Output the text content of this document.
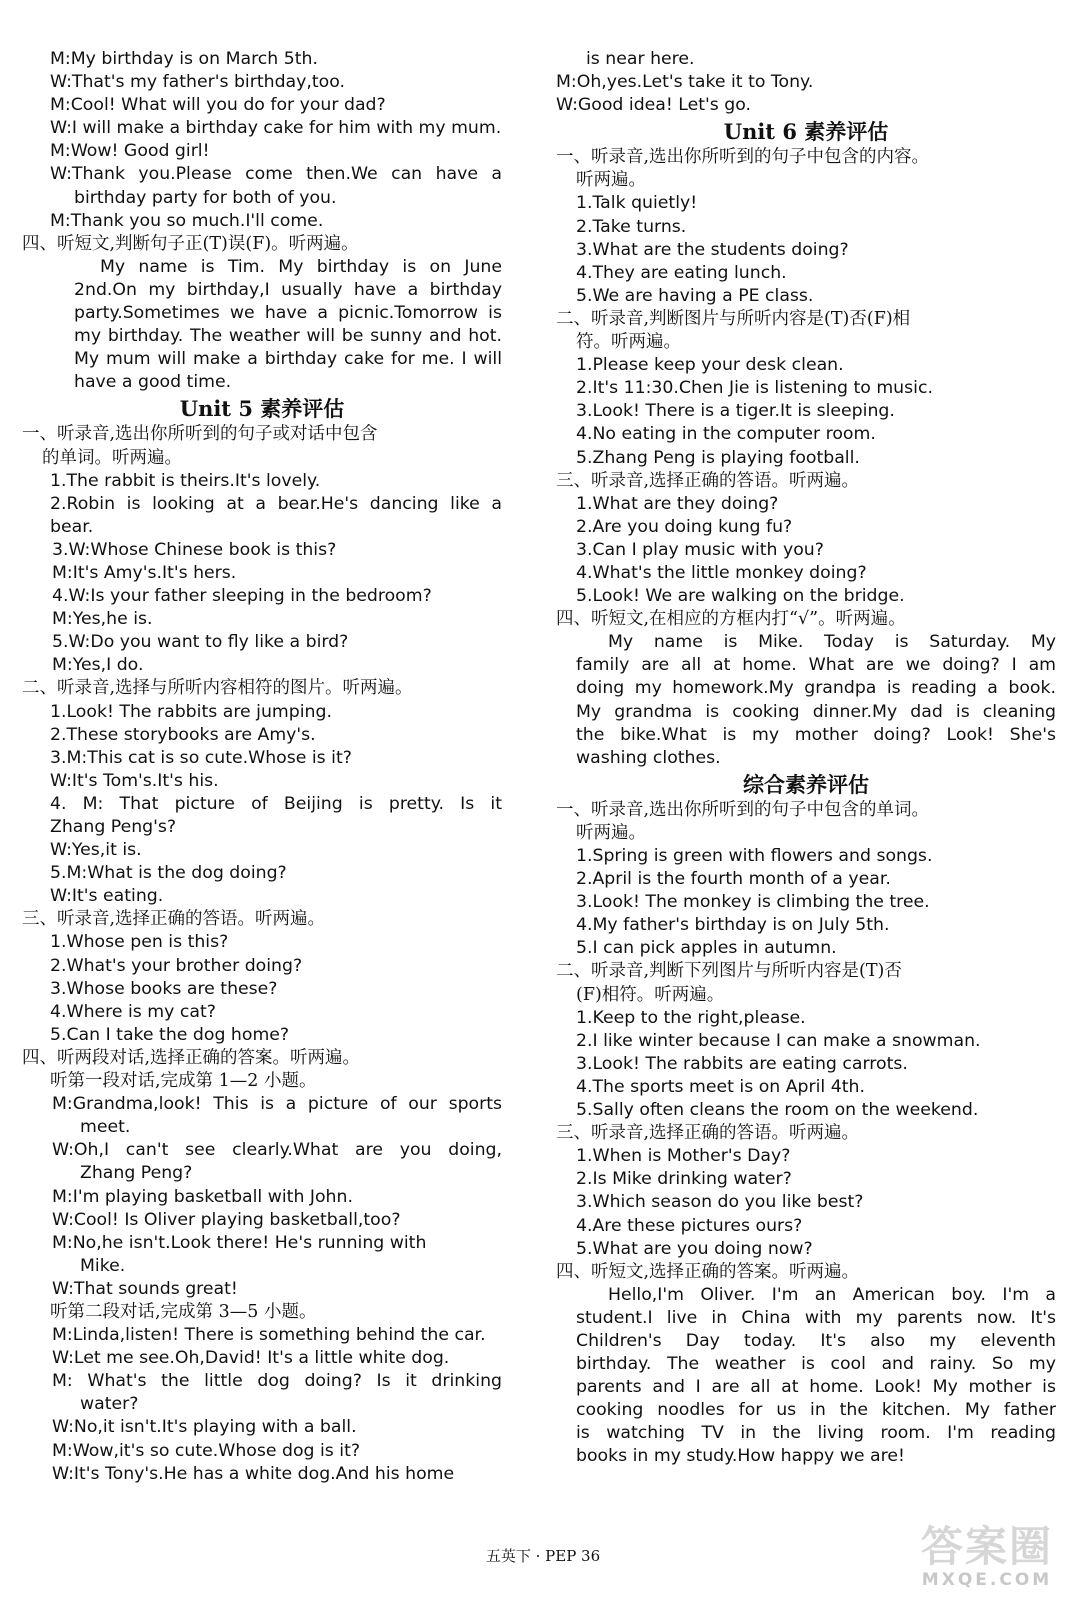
M:My birthday is on March 5th.
W:That's my father's birthday,too.
M:Cool! What will you do for your dad?
W:I will make a birthday cake for him with my mum.
M:Wow! Good girl!
W:Thank you.Please come then.We can have a
birthday party for both of you.
M:Thank you so much.I'll come.
四、听短文,判断句子正(T)误(F)。听两遍。
My name is Tim. My birthday is on June
2nd.On my birthday,I usually have a birthday
party.Sometimes we have a picnic.Tomorrow is
my birthday. The weather will be sunny and hot.
My mum will make a birthday cake for me. I will
have a good time.
Unit 5 素养评估
一、听录音,选出你所听到的句子或对话中包含
的单词。听两遍。
1.The rabbit is theirs.It's lovely.
2.Robin is looking at a bear.He's dancing like a
bear.
3.W:Whose Chinese book is this?
M:It's Amy's.It's hers.
4.W:Is your father sleeping in the bedroom?
M:Yes,he is.
5.W:Do you want to fly like a bird?
M:Yes,I do.
二、听录音,选择与所听内容相符的图片。听两遍。
1.Look! The rabbits are jumping.
2.These storybooks are Amy's.
3.M:This cat is so cute.Whose is it?
W:It's Tom's.It's his.
4. M: That picture of Beijing is pretty. Is it
Zhang Peng's?
W:Yes,it is.
5.M:What is the dog doing?
W:It's eating.
三、听录音,选择正确的答语。听两遍。
1.Whose pen is this?
2.What's your brother doing?
3.Whose books are these?
4.Where is my cat?
5.Can I take the dog home?
四、听两段对话,选择正确的答案。听两遍。
听第一段对话,完成第 1—2 小题。
M:Grandma,look! This is a picture of our sports
meet.
W:Oh,I can't see clearly.What are you doing,
Zhang Peng?
M:I'm playing basketball with John.
W:Cool! Is Oliver playing basketball,too?
M:No,he isn't.Look there! He's running with
Mike.
W:That sounds great!
听第二段对话,完成第 3—5 小题。
M:Linda,listen! There is something behind the car.
W:Let me see.Oh,David! It's a little white dog.
M: What's the little dog doing? Is it drinking
water?
W:No,it isn't.It's playing with a ball.
M:Wow,it's so cute.Whose dog is it?
W:It's Tony's.He has a white dog.And his home
is near here.
M:Oh,yes.Let's take it to Tony.
W:Good idea! Let's go.
Unit 6 素养评估
一、听录音,选出你所听到的句子中包含的内容。
听两遍。
1.Talk quietly!
2.Take turns.
3.What are the students doing?
4.They are eating lunch.
5.We are having a PE class.
二、听录音,判断图片与所听内容是(T)否(F)相
符。听两遍。
1.Please keep your desk clean.
2.It's 11:30.Chen Jie is listening to music.
3.Look! There is a tiger.It is sleeping.
4.No eating in the computer room.
5.Zhang Peng is playing football.
三、听录音,选择正确的答语。听两遍。
1.What are they doing?
2.Are you doing kung fu?
3.Can I play music with you?
4.What's the little monkey doing?
5.Look! We are walking on the bridge.
四、听短文,在相应的方框内打“√”。听两遍。
My name is Mike. Today is Saturday. My
family are all at home. What are we doing? I am
doing my homework.My grandpa is reading a book.
My grandma is cooking dinner.My dad is cleaning
the bike.What is my mother doing? Look! She's
washing clothes.
综合素养评估
一、听录音,选出你所听到的句子中包含的单词。
听两遍。
1.Spring is green with flowers and songs.
2.April is the fourth month of a year.
3.Look! The monkey is climbing the tree.
4.My father's birthday is on July 5th.
5.I can pick apples in autumn.
二、听录音,判断下列图片与所听内容是(T)否
(F)相符。听两遍。
1.Keep to the right,please.
2.I like winter because I can make a snowman.
3.Look! The rabbits are eating carrots.
4.The sports meet is on April 4th.
5.Sally often cleans the room on the weekend.
三、听录音,选择正确的答语。听两遍。
1.When is Mother's Day?
2.Is Mike drinking water?
3.Which season do you like best?
4.Are these pictures ours?
5.What are you doing now?
四、听短文,选择正确的答案。听两遍。
Hello,I'm Oliver. I'm an American boy. I'm a
student.I live in China with my parents now. It's
Children's Day today. It's also my eleventh
birthday. The weather is cool and rainy. So my
parents and I are all at home. Look! My mother is
cooking noodles for us in the kitchen. My father
is watching TV in the living room. I'm reading
books in my study.How happy we are!
五英下 · PEP 36	答案圈
MXQE.COM
